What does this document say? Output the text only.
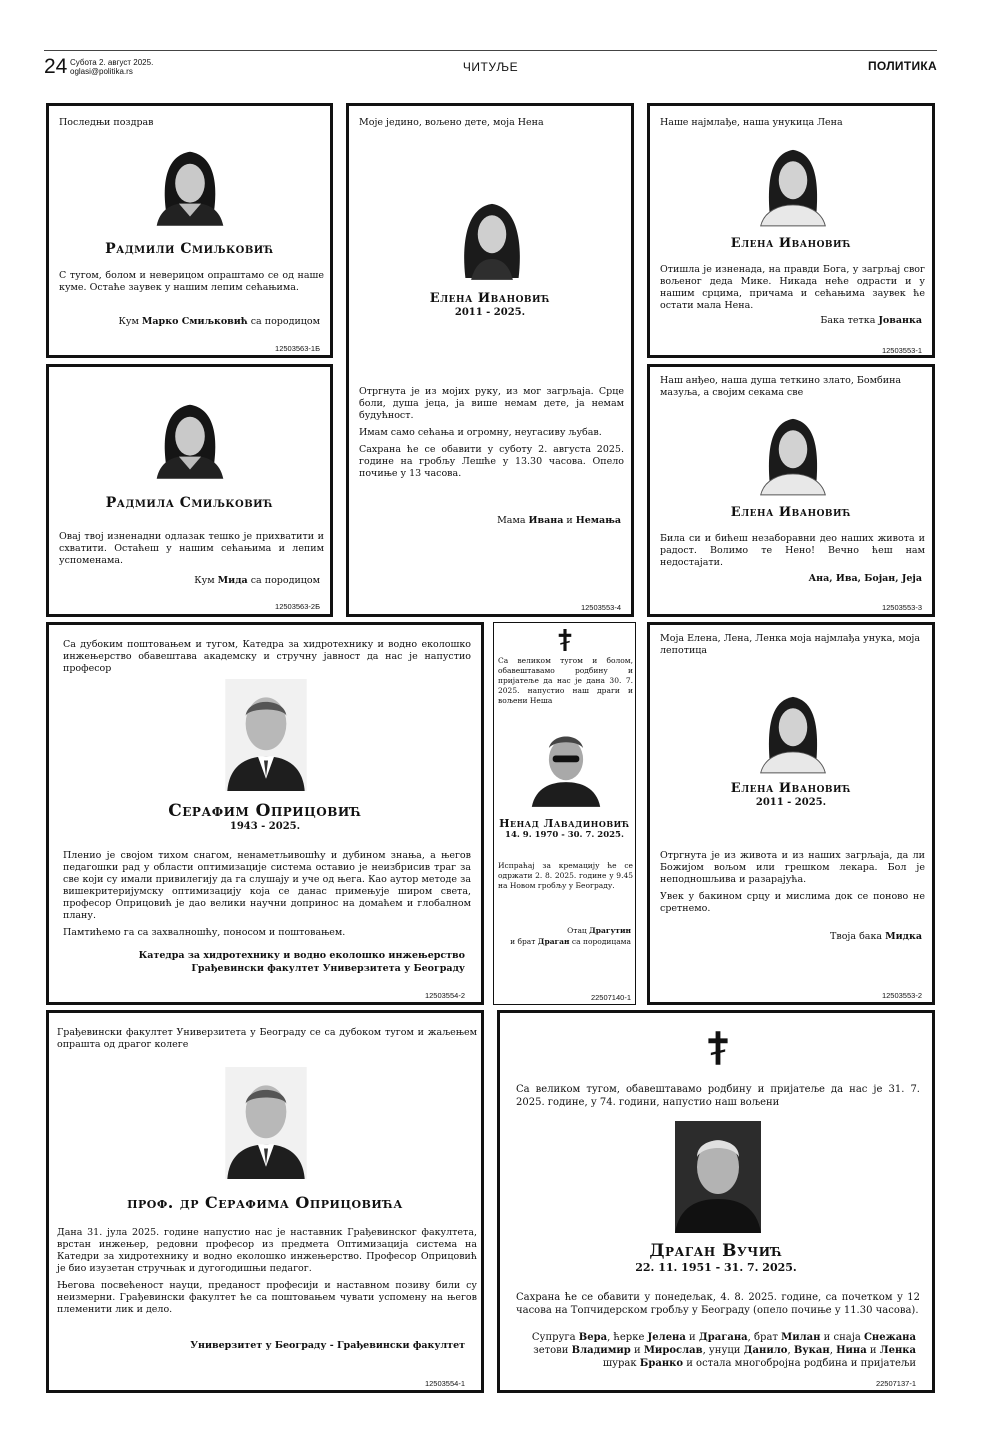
24 Субота 2. август 2025.
oglasi@politika.rs	ЧИТУЉЕ	ПОЛИТИКА
Последњи поздрав
Радмили Смиљковић
С тугом, болом и неверицом опраштамо се од наше куме. Остаће заувек у нашим лепим сећањима.
Кум Марко Смиљковић са породицом
12503563-1Б
Моје једино, вољено дете, моја Нена
Елена Ивановић
2011 - 2025.

Отргнута је из мојих руку, из мог загрљаја. Срце боли, душа јеца, ја више немам дете, ја немам будућност.

Имам само сећања и огромну, неугасиву љубав.

Сахрана ће се обавити у суботу 2. августа 2025. године на гробљу Лешће у 13.30 часова. Опело почиње у 13 часова.

Мама Ивана и Немања
12503553-4
Наше најмлађе, наша унукица Лена
Елена Ивановић
Отишла је изненада, на правди Бога, у загрљај свог вољеног деда Мике. Никада неће одрасти и у нашим срцима, причама и сећањима заувек ће остати мала Нена.
Бака тетка Јованка
12503553-1
Радмила Смиљковић
Овај твој изненадни одлазак тешко је прихватити и схватити. Остаћеш у нашим сећањима и лепим успоменама.
Кум Мида са породицом
12503563-2Б
Наш анђео, наша душа теткино злато, Бомбина мазуља, а својим секама све
Елена Ивановић
Била си и бићеш незаборавни део наших живота и радост. Волимо те Нено! Вечно ћеш нам недостајати.
Ана, Ива, Бојан, Јеја
12503553-3
Са дубоким поштовањем и тугом, Катедра за хидротехнику и водно еколошко инжењерство обавештава академску и стручну јавност да нас је напустио професор
Серафим Оприцовић
1943 - 2025.

Пленио је својом тихом снагом, ненаметљивошћу и дубином знања, а његов педагошки рад у области оптимизације система оставио је неизбрисив траг за све који су имали привилегију да га слушају и уче од њега. Као аутор методе за вишекритеријумску оптимизацију која се данас примењује широм света, професор Оприцовић је дао велики научни допринос на домаћем и глобалном плану.

Памтићемо га са захвалношћу, поносом и поштовањем.

Катедра за хидротехнику и водно еколошко инжењерство
Грађевински факултет Универзитета у Београду
12503554-2
Са великом тугом и болом, обавештавамо родбину и пријатеље да нас је дана 30. 7. 2025. напустио наш драги и вољени Неша
Ненад Лавадиновић
14. 9. 1970 - 30. 7. 2025.
Испраћај за кремацију ће се одржати 2. 8. 2025. године у 9.45 на Новом гробљу у Београду.
Отац Драгутин
и брат Драган са породицама
22507140-1
Моја Елена, Лена, Ленка моја најмлађа унука, моја лепотица
Елена Ивановић
2011 - 2025.

Отргнута је из живота и из наших загрљаја, да ли Божијом вољом или грешком лекара. Бол је неподношљива и разарајућа.

Увек у бакином срцу и мислима док се поново не сретнемо.

Твоја бака Мидка
12503553-2
Грађевински факултет Универзитета у Београду се са дубоком тугом и жаљењем опрашта од драгог колеге
проф. др Серафима Оприцовића

Дана 31. јула 2025. године напустио нас је наставник Грађевинског факултета, врстан инжењер, редовни професор из предмета Оптимизација система на Катедри за хидротехнику и водно еколошко инжењерство. Професор Оприцовић је био изузетан стручњак и дугогодишњи педагог.

Његова посвећеност науци, преданост професији и наставном позиву били су неизмерни. Грађевински факултет ће са поштовањем чувати успомену на његов племенити лик и дело.

Универзитет у Београду - Грађевински факултет
12503554-1
Са великом тугом, обавештавамо родбину и пријатеље да нас је 31. 7. 2025. године, у 74. години, напустио наш вољени
Драган Вучић
22. 11. 1951 - 31. 7. 2025.
Сахрана ће се обавити у понедељак, 4. 8. 2025. године, са почетком у 12 часова на Топчидерском гробљу у Београду (опело почиње у 11.30 часова).
Супруга Вера, ћерке Јелена и Драгана, брат Милан и снаја Снежана
зетови Владимир и Мирослав, унуци Данило, Вукан, Нина и Ленка
шурак Бранко и остала многобројна родбина и пријатељи
22507137-1
